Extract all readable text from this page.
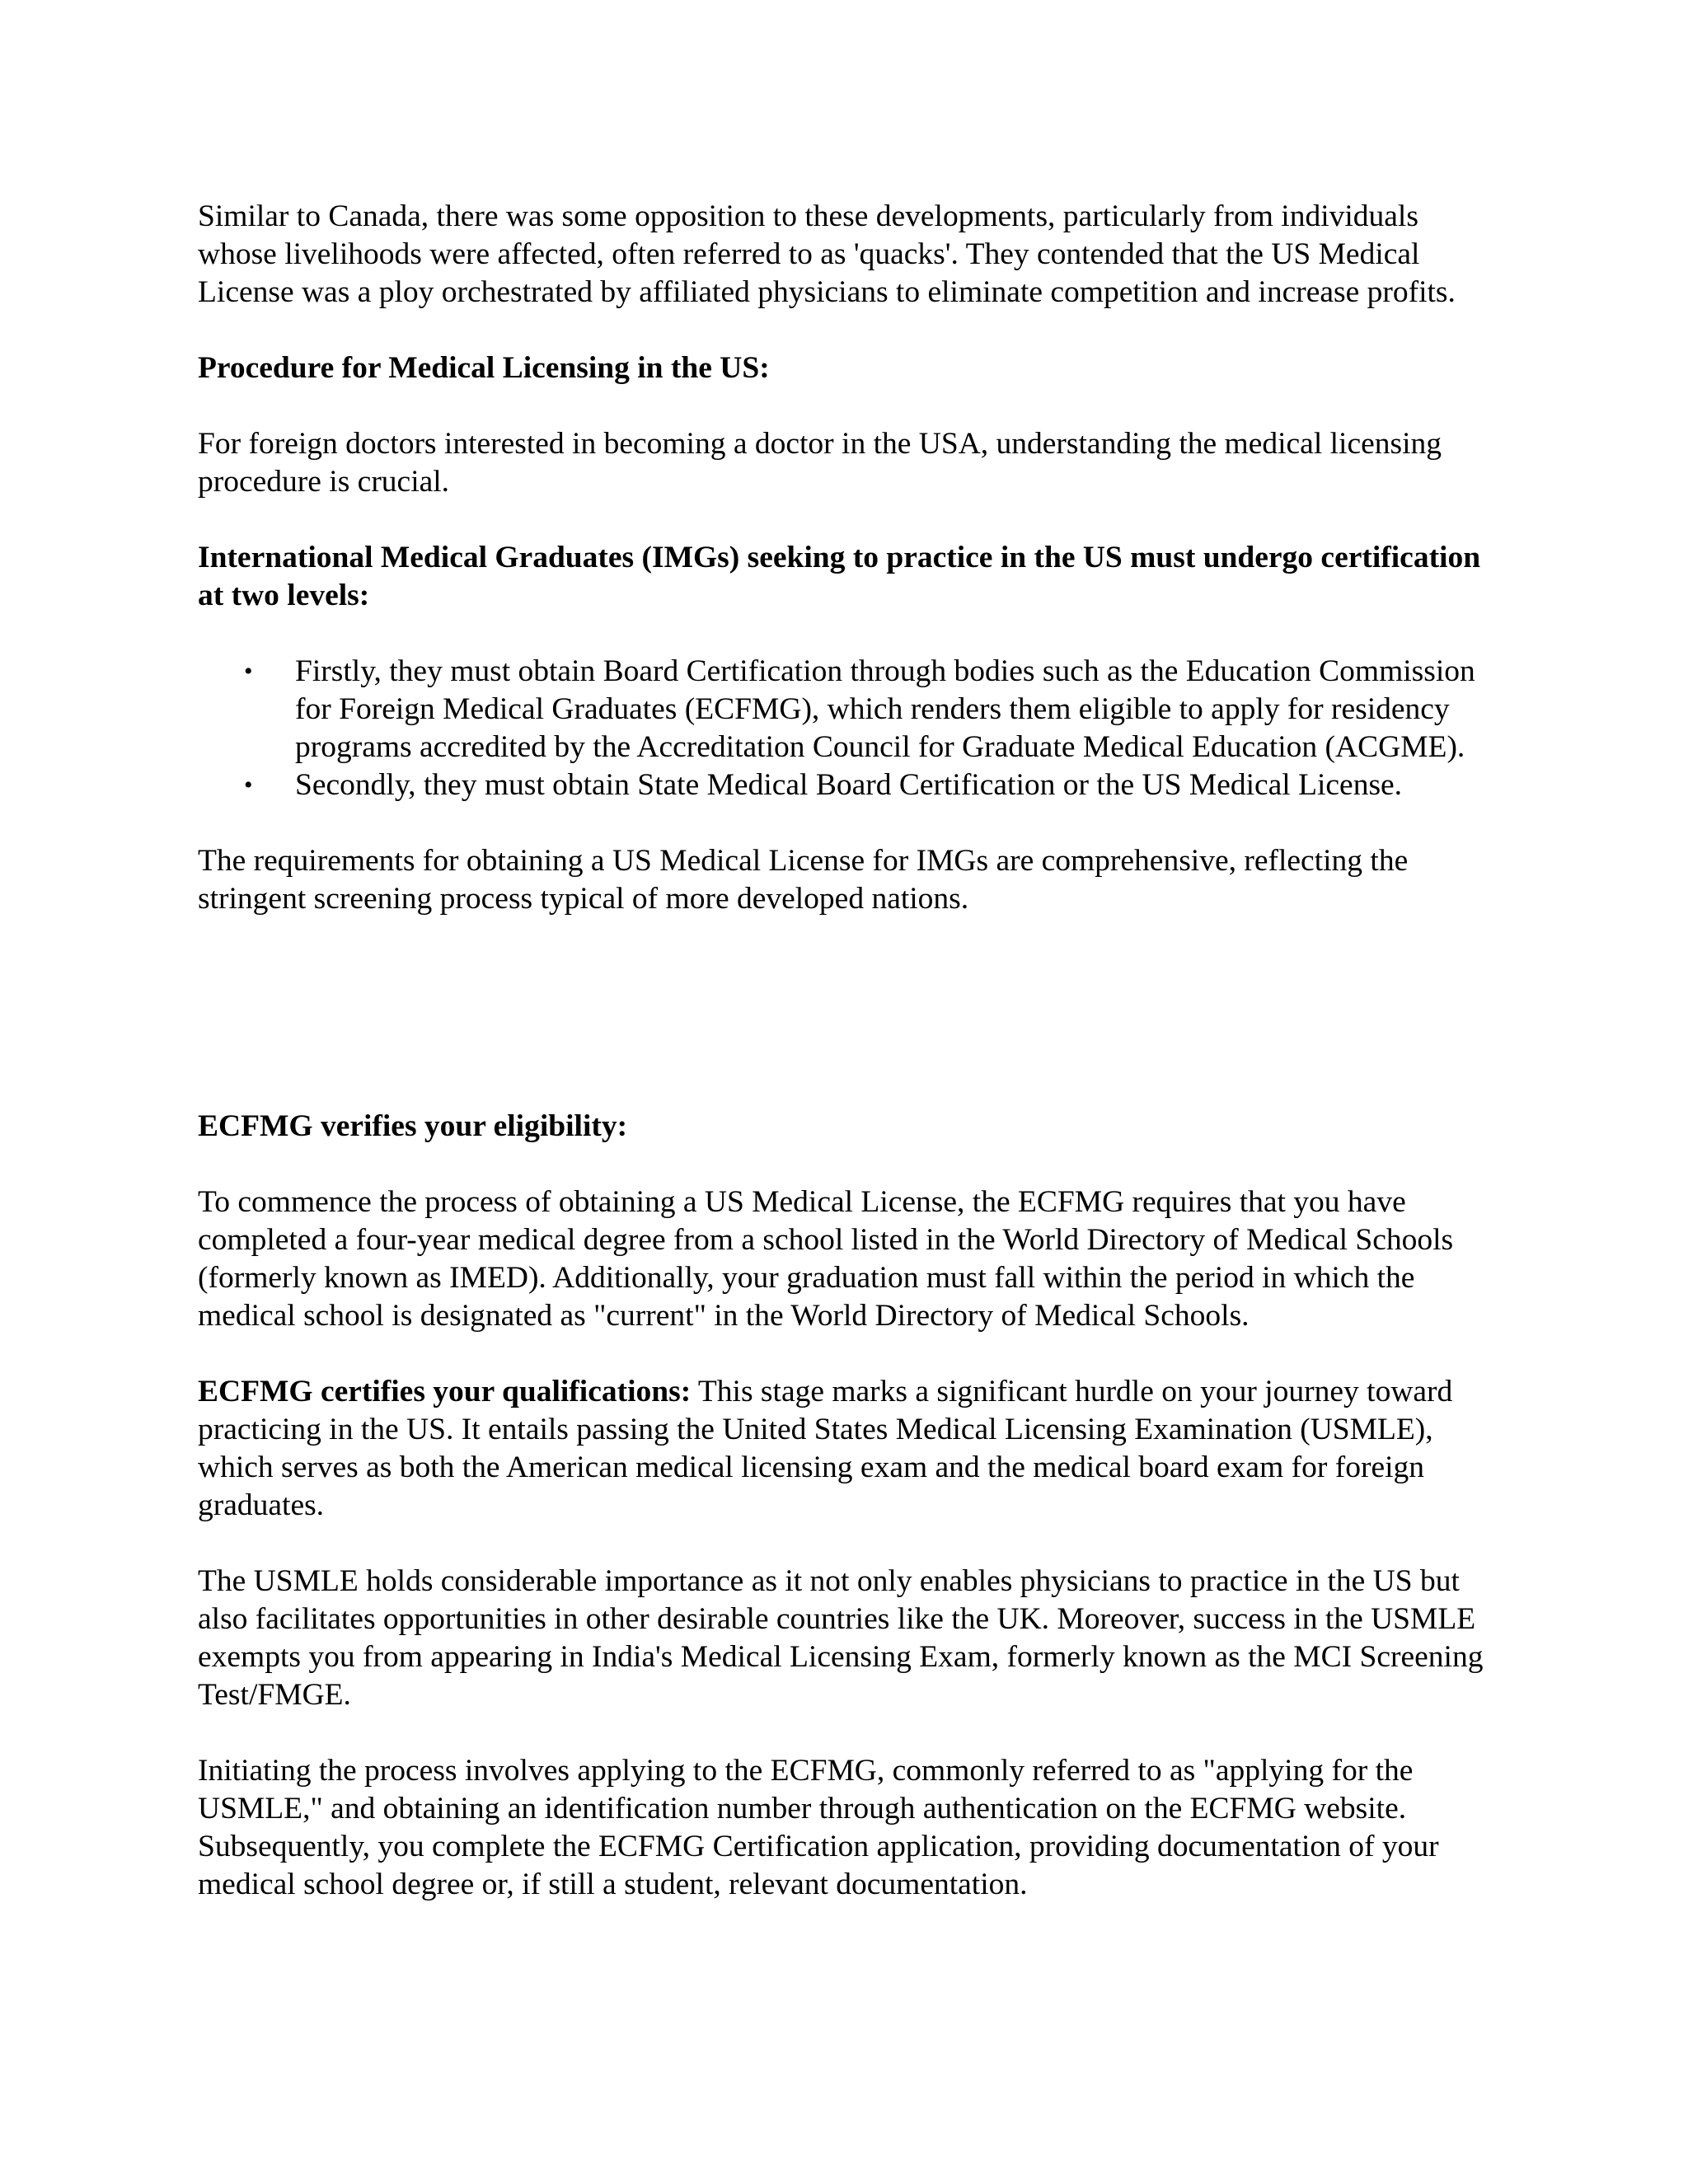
Similar to Canada, there was some opposition to these developments, particularly from individuals whose livelihoods were affected, often referred to as 'quacks'. They contended that the US Medical License was a ploy orchestrated by affiliated physicians to eliminate competition and increase profits.

Procedure for Medical Licensing in the US:

For foreign doctors interested in becoming a doctor in the USA, understanding the medical licensing procedure is crucial.

International Medical Graduates (IMGs) seeking to practice in the US must undergo certification at two levels:

• Firstly, they must obtain Board Certification through bodies such as the Education Commission for Foreign Medical Graduates (ECFMG), which renders them eligible to apply for residency programs accredited by the Accreditation Council for Graduate Medical Education (ACGME).
• Secondly, they must obtain State Medical Board Certification or the US Medical License.

The requirements for obtaining a US Medical License for IMGs are comprehensive, reflecting the stringent screening process typical of more developed nations.

ECFMG verifies your eligibility:

To commence the process of obtaining a US Medical License, the ECFMG requires that you have completed a four-year medical degree from a school listed in the World Directory of Medical Schools (formerly known as IMED). Additionally, your graduation must fall within the period in which the medical school is designated as "current" in the World Directory of Medical Schools.

ECFMG certifies your qualifications: This stage marks a significant hurdle on your journey toward practicing in the US. It entails passing the United States Medical Licensing Examination (USMLE), which serves as both the American medical licensing exam and the medical board exam for foreign graduates.

The USMLE holds considerable importance as it not only enables physicians to practice in the US but also facilitates opportunities in other desirable countries like the UK. Moreover, success in the USMLE exempts you from appearing in India's Medical Licensing Exam, formerly known as the MCI Screening Test/FMGE.

Initiating the process involves applying to the ECFMG, commonly referred to as "applying for the USMLE," and obtaining an identification number through authentication on the ECFMG website. Subsequently, you complete the ECFMG Certification application, providing documentation of your medical school degree or, if still a student, relevant documentation.
